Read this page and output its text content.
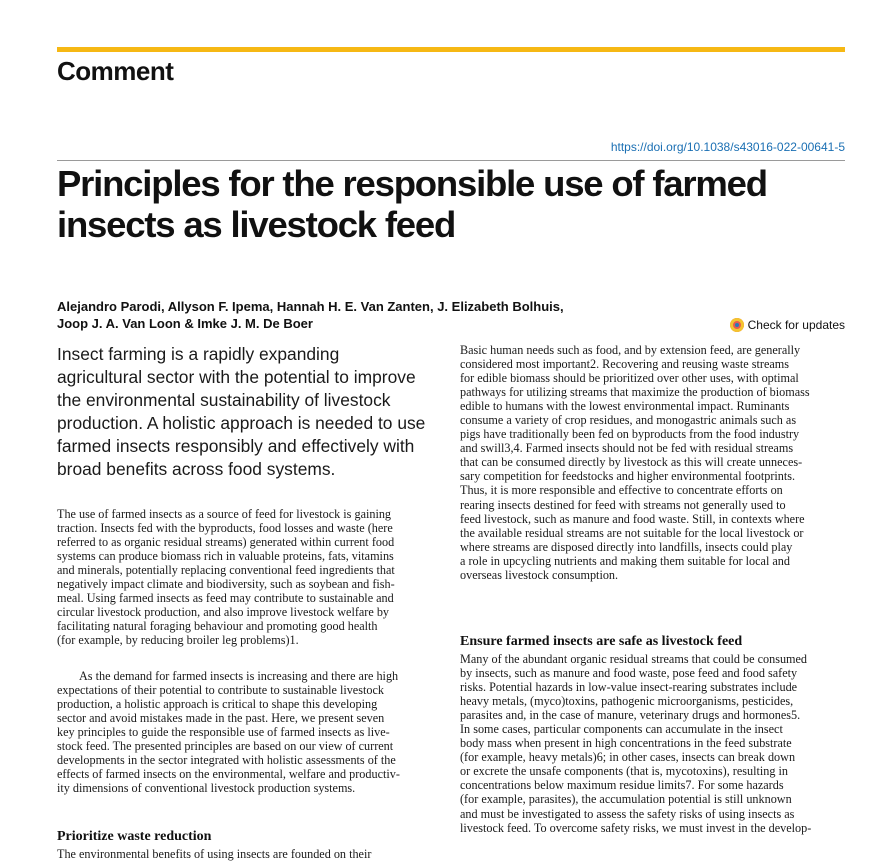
Comment
https://doi.org/10.1038/s43016-022-00641-5
Principles for the responsible use of farmed
insects as livestock feed
Alejandro Parodi, Allyson F. Ipema, Hannah H. E. Van Zanten, J. Elizabeth Bolhuis,
Joop J. A. Van Loon & Imke J. M. De Boer	Check for updates
Insect farming is a rapidly expanding
agricultural sector with the potential to improve
the environmental sustainability of livestock
production. A holistic approach is needed to use
farmed insects responsibly and effectively with
broad benefits across food systems.
The use of farmed insects as a source of feed for livestock is gaining
traction. Insects fed with the byproducts, food losses and waste (here
referred to as organic residual streams) generated within current food
systems can produce biomass rich in valuable proteins, fats, vitamins
and minerals, potentially replacing conventional feed ingredients that
negatively impact climate and biodiversity, such as soybean and fish-
meal. Using farmed insects as feed may contribute to sustainable and
circular livestock production, and also improve livestock welfare by
facilitating natural foraging behaviour and promoting good health
(for example, by reducing broiler leg problems)1.
As the demand for farmed insects is increasing and there are high
expectations of their potential to contribute to sustainable livestock
production, a holistic approach is critical to shape this developing
sector and avoid mistakes made in the past. Here, we present seven
key principles to guide the responsible use of farmed insects as live-
stock feed. The presented principles are based on our view of current
developments in the sector integrated with holistic assessments of the
effects of farmed insects on the environmental, welfare and productiv-
ity dimensions of conventional livestock production systems.
Prioritize waste reduction
The environmental benefits of using insects are founded on their
Basic human needs such as food, and by extension feed, are generally
considered most important2. Recovering and reusing waste streams
for edible biomass should be prioritized over other uses, with optimal
pathways for utilizing streams that maximize the production of biomass
edible to humans with the lowest environmental impact. Ruminants
consume a variety of crop residues, and monogastric animals such as
pigs have traditionally been fed on byproducts from the food industry
and swill3,4. Farmed insects should not be fed with residual streams
that can be consumed directly by livestock as this will create unneces-
sary competition for feedstocks and higher environmental footprints.
Thus, it is more responsible and effective to concentrate efforts on
rearing insects destined for feed with streams not generally used to
feed livestock, such as manure and food waste. Still, in contexts where
the available residual streams are not suitable for the local livestock or
where streams are disposed directly into landfills, insects could play
a role in upcycling nutrients and making them suitable for local and
overseas livestock consumption.
Ensure farmed insects are safe as livestock feed
Many of the abundant organic residual streams that could be consumed
by insects, such as manure and food waste, pose feed and food safety
risks. Potential hazards in low-value insect-rearing substrates include
heavy metals, (myco)toxins, pathogenic microorganisms, pesticides,
parasites and, in the case of manure, veterinary drugs and hormones5.
In some cases, particular components can accumulate in the insect
body mass when present in high concentrations in the feed substrate
(for example, heavy metals)6; in other cases, insects can break down
or excrete the unsafe components (that is, mycotoxins), resulting in
concentrations below maximum residue limits7. For some hazards
(for example, parasites), the accumulation potential is still unknown
and must be investigated to assess the safety risks of using insects as
livestock feed. To overcome safety risks, we must invest in the develop-
